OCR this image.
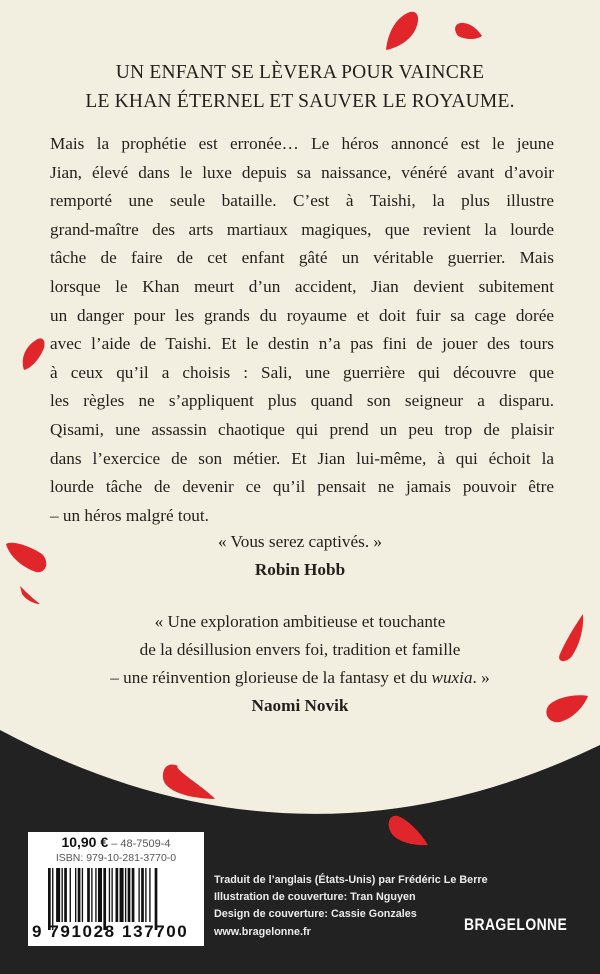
UN ENFANT SE LÈVERA POUR VAINCRE
LE KHAN ÉTERNEL ET SAUVER LE ROYAUME.
Mais la prophétie est erronée… Le héros annoncé est le jeune
Jian, élevé dans le luxe depuis sa naissance, vénéré avant d’avoir
remporté une seule bataille. C’est à Taishi, la plus illustre
grand-maître des arts martiaux magiques, que revient la lourde
tâche de faire de cet enfant gâté un véritable guerrier. Mais
lorsque le Khan meurt d’un accident, Jian devient subitement
un danger pour les grands du royaume et doit fuir sa cage dorée
avec l’aide de Taishi. Et le destin n’a pas fini de jouer des tours
à ceux qu’il a choisis : Sali, une guerrière qui découvre que
les règles ne s’appliquent plus quand son seigneur a disparu.
Qisami, une assassin chaotique qui prend un peu trop de plaisir
dans l’exercice de son métier. Et Jian lui-même, à qui échoit la
lourde tâche de devenir ce qu’il pensait ne jamais pouvoir être
– un héros malgré tout.
« Vous serez captivés. »
Robin Hobb
« Une exploration ambitieuse et touchante
de la désillusion envers foi, tradition et famille
– une réinvention glorieuse de la fantasy et du wuxia. »
Naomi Novik
10,90 € – 48-7509-4
ISBN: 979-10-281-3770-0
9 791028 137700
Traduit de l’anglais (États-Unis) par Frédéric Le Berre
Illustration de couverture: Tran Nguyen
Design de couverture: Cassie Gonzales
www.bragelonne.fr	BRAGELONNE
